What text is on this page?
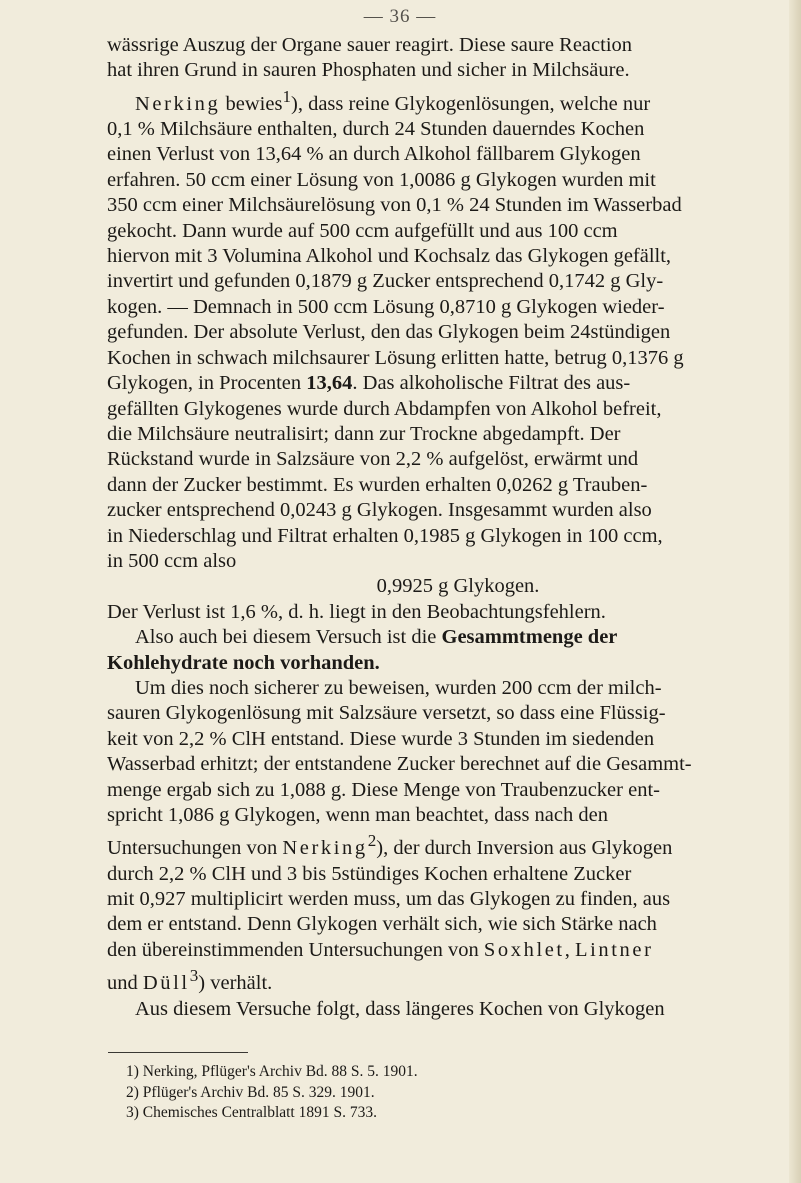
— 36 —

wässrige Auszug der Organe sauer reagirt. Diese saure Reaction

hat ihren Grund in sauren Phosphaten und sicher in Milchsäure.

Nerking bewies$^1$), dass reine Glykogenlösungen, welche nur

0,1 % Milchsäure enthalten, durch 24 Stunden dauerndes Kochen

einen Verlust von 13,64 % an durch Alkohol fällbarem Glykogen

erfahren. 50 ccm einer Lösung von 1,0086 g Glykogen wurden mit

350 ccm einer Milchsäurelösung von 0,1 % 24 Stunden im Wasserbad

gekocht. Dann wurde auf 500 ccm aufgefüllt und aus 100 ccm

hiervon mit 3 Volumina Alkohol und Kochsalz das Glykogen gefällt,

invertirt und gefunden 0,1879 g Zucker entsprechend 0,1742 g Gly-

kogen. — Demnach in 500 ccm Lösung 0,8710 g Glykogen wieder-

gefunden. Der absolute Verlust, den das Glykogen beim 24stündigen

Kochen in schwach milchsaurer Lösung erlitten hatte, betrug 0,1376 g

Glykogen, in Procenten 13,64. Das alkoholische Filtrat des aus-

gefällten Glykogenes wurde durch Abdampfen von Alkohol befreit,

die Milchsäure neutralisirt; dann zur Trockne abgedampft. Der

Rückstand wurde in Salzsäure von 2,2 % aufgelöst, erwärmt und

dann der Zucker bestimmt. Es wurden erhalten 0,0262 g Trauben-

zucker entsprechend 0,0243 g Glykogen. Insgesammt wurden also

in Niederschlag und Filtrat erhalten 0,1985 g Glykogen in 100 ccm,

in 500 ccm also

0,9925 g Glykogen.

Der Verlust ist 1,6 %, d. h. liegt in den Beobachtungsfehlern.

Also auch bei diesem Versuch ist die Gesammtmenge der

Kohlehydrate noch vorhanden.

Um dies noch sicherer zu beweisen, wurden 200 ccm der milch-

sauren Glykogenlösung mit Salzsäure versetzt, so dass eine Flüssig-

keit von 2,2 % ClH entstand. Diese wurde 3 Stunden im siedenden

Wasserbad erhitzt; der entstandene Zucker berechnet auf die Gesammt-

menge ergab sich zu 1,088 g. Diese Menge von Traubenzucker ent-

spricht 1,086 g Glykogen, wenn man beachtet, dass nach den

Untersuchungen von Nerking$^2$), der durch Inversion aus Glykogen

durch 2,2 % ClH und 3 bis 5stündiges Kochen erhaltene Zucker

mit 0,927 multiplicirt werden muss, um das Glykogen zu finden, aus

dem er entstand. Denn Glykogen verhält sich, wie sich Stärke nach

den übereinstimmenden Untersuchungen von Soxhlet, Lintner

und Düll$^3$) verhält.

Aus diesem Versuche folgt, dass längeres Kochen von Glykogen

1) Nerking, Pflüger's Archiv Bd. 88 S. 5. 1901.
2) Pflüger's Archiv Bd. 85 S. 329. 1901.
3) Chemisches Centralblatt 1891 S. 733.
